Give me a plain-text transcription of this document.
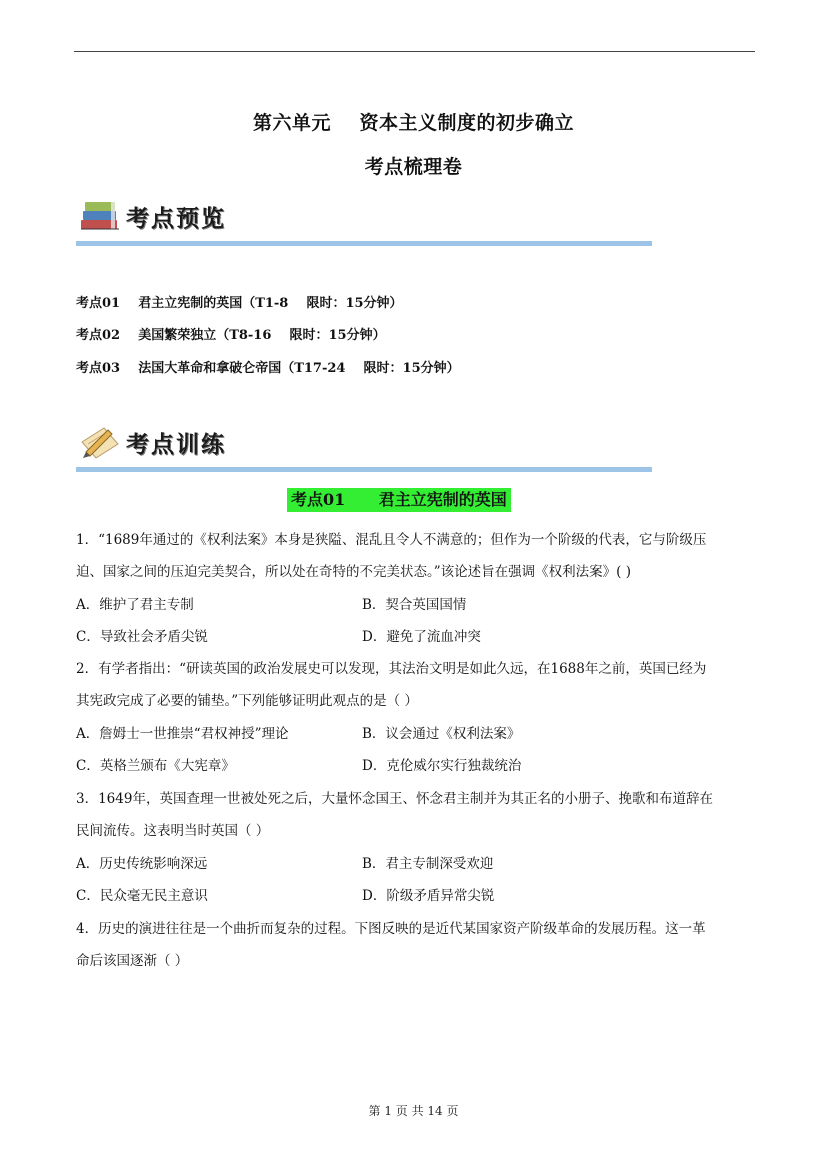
第六单元    资本主义制度的初步确立
考点梳理卷
考点预览
考点01    君主立宪制的英国（T1-8    限时：15分钟）
考点02    美国繁荣独立（T8-16    限时：15分钟）
考点03    法国大革命和拿破仑帝国（T17-24    限时：15分钟）
考点训练
考点01      君主立宪制的英国
1．“1689年通过的《权利法案》本身是狭隘、混乱且令人不满意的；但作为一个阶级的代表，它与阶级压
迫、国家之间的压迫完美契合，所以处在奇特的不完美状态。”该论述旨在强调《权利法案》( )
A．维护了君主专制	B．契合英国国情
C．导致社会矛盾尖锐	D．避免了流血冲突
2．有学者指出：“研读英国的政治发展史可以发现，其法治文明是如此久远，在1688年之前，英国已经为
其宪政完成了必要的铺垫。”下列能够证明此观点的是（ ）
A．詹姆士一世推崇“君权神授”理论	B．议会通过《权利法案》
C．英格兰颁布《大宪章》	D．克伦威尔实行独裁统治
3．1649年，英国查理一世被处死之后，大量怀念国王、怀念君主制并为其正名的小册子、挽歌和布道辞在
民间流传。这表明当时英国（ ）
A．历史传统影响深远	B．君主专制深受欢迎
C．民众毫无民主意识	D．阶级矛盾异常尖锐
4．历史的演进往往是一个曲折而复杂的过程。下图反映的是近代某国家资产阶级革命的发展历程。这一革
命后该国逐渐（ ）
第 1 页 共 14 页
